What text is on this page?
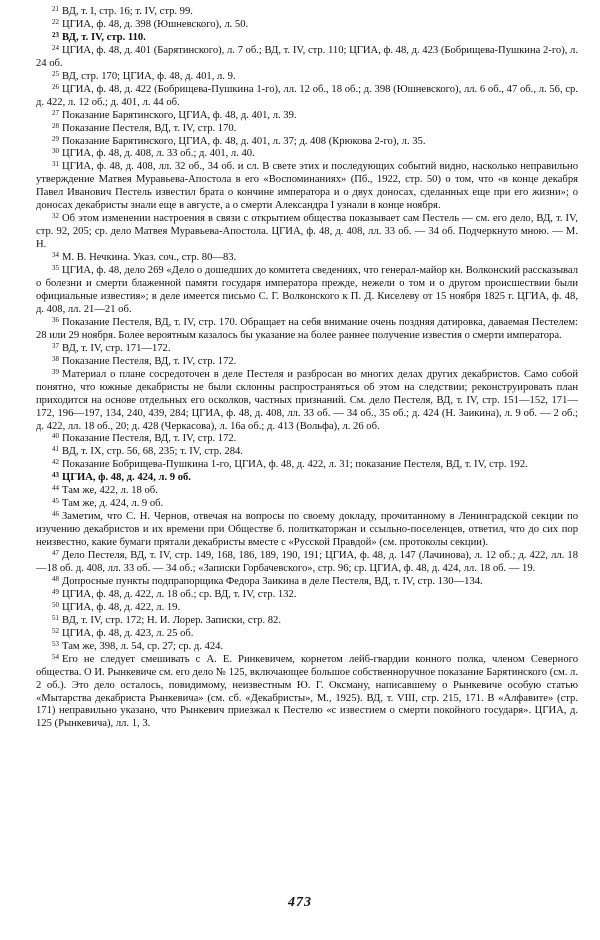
$^{21}$ ВД, т. I, стр. 16; т. IV, стр. 99.

$^{22}$ ЦГИА, ф. 48, д. 398 (Юшневского), л. 50.

$^{23}$ ВД, т. IV, стр. 110.

$^{24}$ ЦГИА, ф. 48, д. 401 (Барятинского), л. 7 об.; ВД, т. IV, стр. 110; ЦГИА, ф. 48, д. 423 (Бобрищева-Пушкина 2-го), л. 24 об.

$^{25}$ ВД, стр. 170; ЦГИА, ф. 48, д. 401, л. 9.

$^{26}$ ЦГИА, ф. 48, д. 422 (Бобрищева-Пушкина 1-го), лл. 12 об., 18 об.; д. 398 (Юшневского), лл. 6 об., 47 об., л. 56, ср. д. 422, л. 12 об.; д. 401, л. 44 об.

$^{27}$ Показание Барятинского, ЦГИА, ф. 48, д. 401, л. 39.

$^{28}$ Показание Пестеля, ВД, т. IV, стр. 170.

$^{29}$ Показание Барятинского, ЦГИА, ф. 48, д. 401, л. 37; д. 408 (Крюкова 2-го), л. 35.

$^{30}$ ЦГИА, ф. 48, д. 408, л. 33 об.; д. 401, л. 40.

$^{31}$ ЦГИА, ф. 48, д. 408, лл. 32 об., 34 об. и сл. В свете этих и последующих событий видно, насколько неправильно утверждение Матвея Муравьева-Апостола в его «Воспоминаниях» (Пб., 1922, стр. 50) о том, что «в конце декабря Павел Иванович Пестель известил брата о кончине императора и о двух доносах, сделанных еще при его жизни»; о доносах декабристы знали еще в августе, а о смерти Александра I узнали в конце ноября.

$^{32}$ Об этом изменении настроения в связи с открытием общества показывает сам Пестель — см. его дело, ВД, т. IV, стр. 92, 205; ср. дело Матвея Муравьева-Апостола. ЦГИА, ф. 48, д. 408, лл. 33 об. — 34 об. Подчеркнуто мною. — М. Н.

$^{34}$ М. В. Нечкина. Указ. соч., стр. 80—83.

$^{35}$ ЦГИА, ф. 48, дело 269 «Дело о дошедших до комитета сведениях, что генерал-майор кн. Волконский рассказывал о болезни и смерти блаженной памяти государя императора прежде, нежели о том и о другом происшествии были официальные известия»; в деле имеется письмо С. Г. Волконского к П. Д. Киселеву от 15 ноября 1825 г. ЦГИА, ф. 48, д. 408, лл. 21—21 об.

$^{36}$ Показание Пестеля, ВД, т. IV, стр. 170. Обращает на себя внимание очень поздняя датировка, даваемая Пестелем: 28 или 29 ноября. Более вероятным казалось бы указание на более раннее получение известия о смерти императора.

$^{37}$ ВД, т. IV, стр. 171—172.

$^{38}$ Показание Пестеля, ВД, т. IV, стр. 172.

$^{39}$ Материал о плане сосредоточен в деле Пестеля и разбросан во многих делах других декабристов. Само собой понятно, что южные декабристы не были склонны распространяться об этом на следствии; реконструировать план приходится на основе отдельных его осколков, частных признаний. См. дело Пестеля, ВД, т. IV, стр. 151—152, 171—172, 196—197, 134, 240, 439, 284; ЦГИА, ф. 48, д. 408, лл. 33 об. — 34 об., 35 об.; д. 424 (Н. Заикина), л. 9 об. — 2 об.; д. 422, лл. 18 об., 20; д. 428 (Черкасова), л. 16а об.; д. 413 (Вольфа), л. 26 об.

$^{40}$ Показание Пестеля, ВД, т. IV, стр. 172.

$^{41}$ ВД, т. IX, стр. 56, 68, 235; т. IV, стр. 284.

$^{42}$ Показание Бобрищева-Пушкина 1-го, ЦГИА, ф. 48, д. 422, л. 31; показание Пестеля, ВД, т. IV, стр. 192.

$^{43}$ ЦГИА, ф. 48, д. 424, л. 9 об.

$^{44}$ Там же, 422, л. 18 об.

$^{45}$ Там же, д. 424, л. 9 об.

$^{46}$ Заметим, что С. Н. Чернов, отвечая на вопросы по своему докладу, прочитанному в Ленинградской секции по изучению декабристов и их времени при Обществе б. политкаторжан и ссыльно-поселенцев, ответил, что до сих пор неизвестно, какие бумаги прятали декабристы вместе с «Русской Правдой» (см. протоколы секции).

$^{47}$ Дело Пестеля, ВД, т. IV, стр. 149, 168, 186, 189, 190, 191; ЦГИА, ф. 48, д. 147 (Лачинова), л. 12 об.; д. 422, лл. 18—18 об. д. 408, лл. 33 об. — 34 об.; «Записки Горбачевского», стр. 96; ср. ЦГИА, ф. 48, д. 424, лл. 18 об. — 19.

$^{48}$ Допросные пункты подпрапорщика Федора Заикина в деле Пестеля, ВД, т. IV, стр. 130—134.

$^{49}$ ЦГИА, ф. 48, д. 422, л. 18 об.; ср. ВД, т. IV, стр. 132.

$^{50}$ ЦГИА, ф. 48, д. 422, л. 19.

$^{51}$ ВД, т. IV, стр. 172; Н. И. Лорер. Записки, стр. 82.

$^{52}$ ЦГИА, ф. 48, д. 423, л. 25 об.

$^{53}$ Там же, 398, л. 54, ср. 27; ср. д. 424.

$^{54}$ Его не следует смешивать с А. Е. Ринкевичем, корнетом лейб-гвардии конного полка, членом Северного общества. О И. Рынкевиче см. его дело № 125, включающее большое собственноручное показание Барятинского (см. л. 2 об.). Это дело осталось, повидимому, неизвестным Ю. Г. Оксману, написавшему о Рынкевиче особую статью «Мытарства декабриста Рынкевича» (см. сб. «Декабристы», М., 1925). ВД, т. VIII, стр. 215, 171. В «Алфавите» (стр. 171) неправильно указано, что Рынкевич приезжал к Пестелю «с известием о смерти покойного государя». ЦГИА, д. 125 (Рынкевича), лл. 1, 3.

473
